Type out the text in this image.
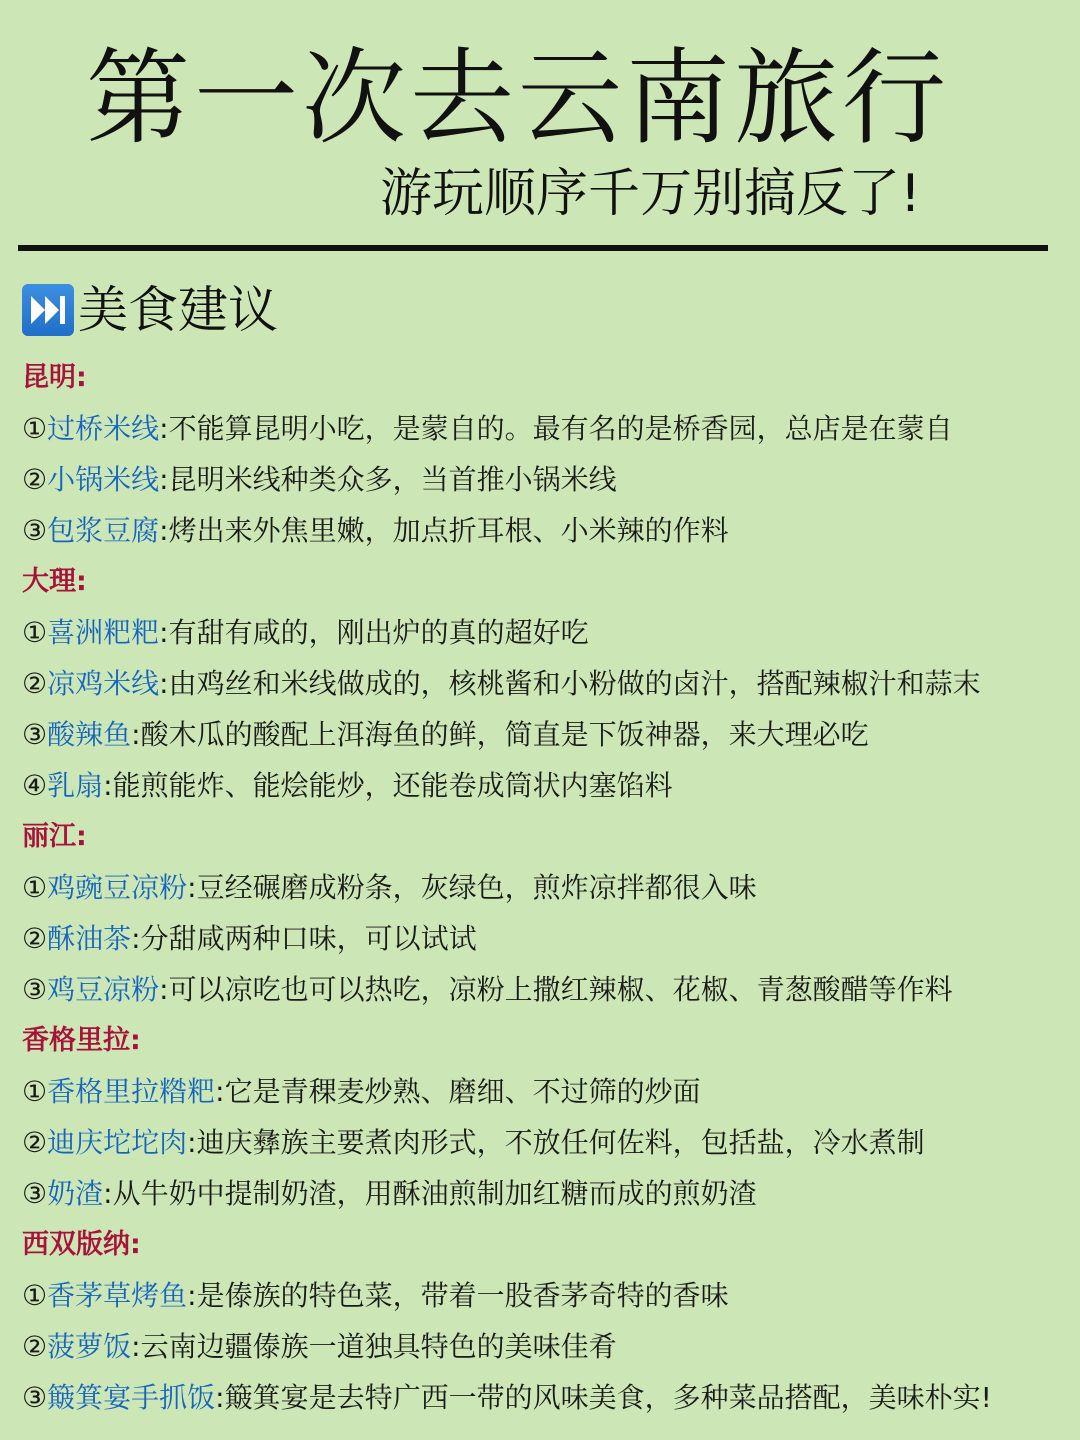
第一次去云南旅行
游玩顺序千万别搞反了!
美食建议
昆明:
①过桥米线:不能算昆明小吃，是蒙自的。最有名的是桥香园，总店是在蒙自
②小锅米线:昆明米线种类众多，当首推小锅米线
③包浆豆腐:烤出来外焦里嫩，加点折耳根、小米辣的作料
大理:
①喜洲粑粑:有甜有咸的，刚出炉的真的超好吃
②凉鸡米线:由鸡丝和米线做成的，核桃酱和小粉做的卤汁，搭配辣椒汁和蒜末
③酸辣鱼:酸木瓜的酸配上洱海鱼的鲜，简直是下饭神器，来大理必吃
④乳扇:能煎能炸、能烩能炒，还能卷成筒状内塞馅料
丽江:
①鸡豌豆凉粉:豆经碾磨成粉条，灰绿色，煎炸凉拌都很入味
②酥油茶:分甜咸两种口味，可以试试
③鸡豆凉粉:可以凉吃也可以热吃，凉粉上撒红辣椒、花椒、青葱酸醋等作料
香格里拉:
①香格里拉糌粑:它是青稞麦炒熟、磨细、不过筛的炒面
②迪庆坨坨肉:迪庆彝族主要煮肉形式，不放任何佐料，包括盐，冷水煮制
③奶渣:从牛奶中提制奶渣，用酥油煎制加红糖而成的煎奶渣
西双版纳:
①香茅草烤鱼:是傣族的特色菜，带着一股香茅奇特的香味
②菠萝饭:云南边疆傣族一道独具特色的美味佳肴
③簸箕宴手抓饭:簸箕宴是去特广西一带的风味美食，多种菜品搭配，美味朴实!
